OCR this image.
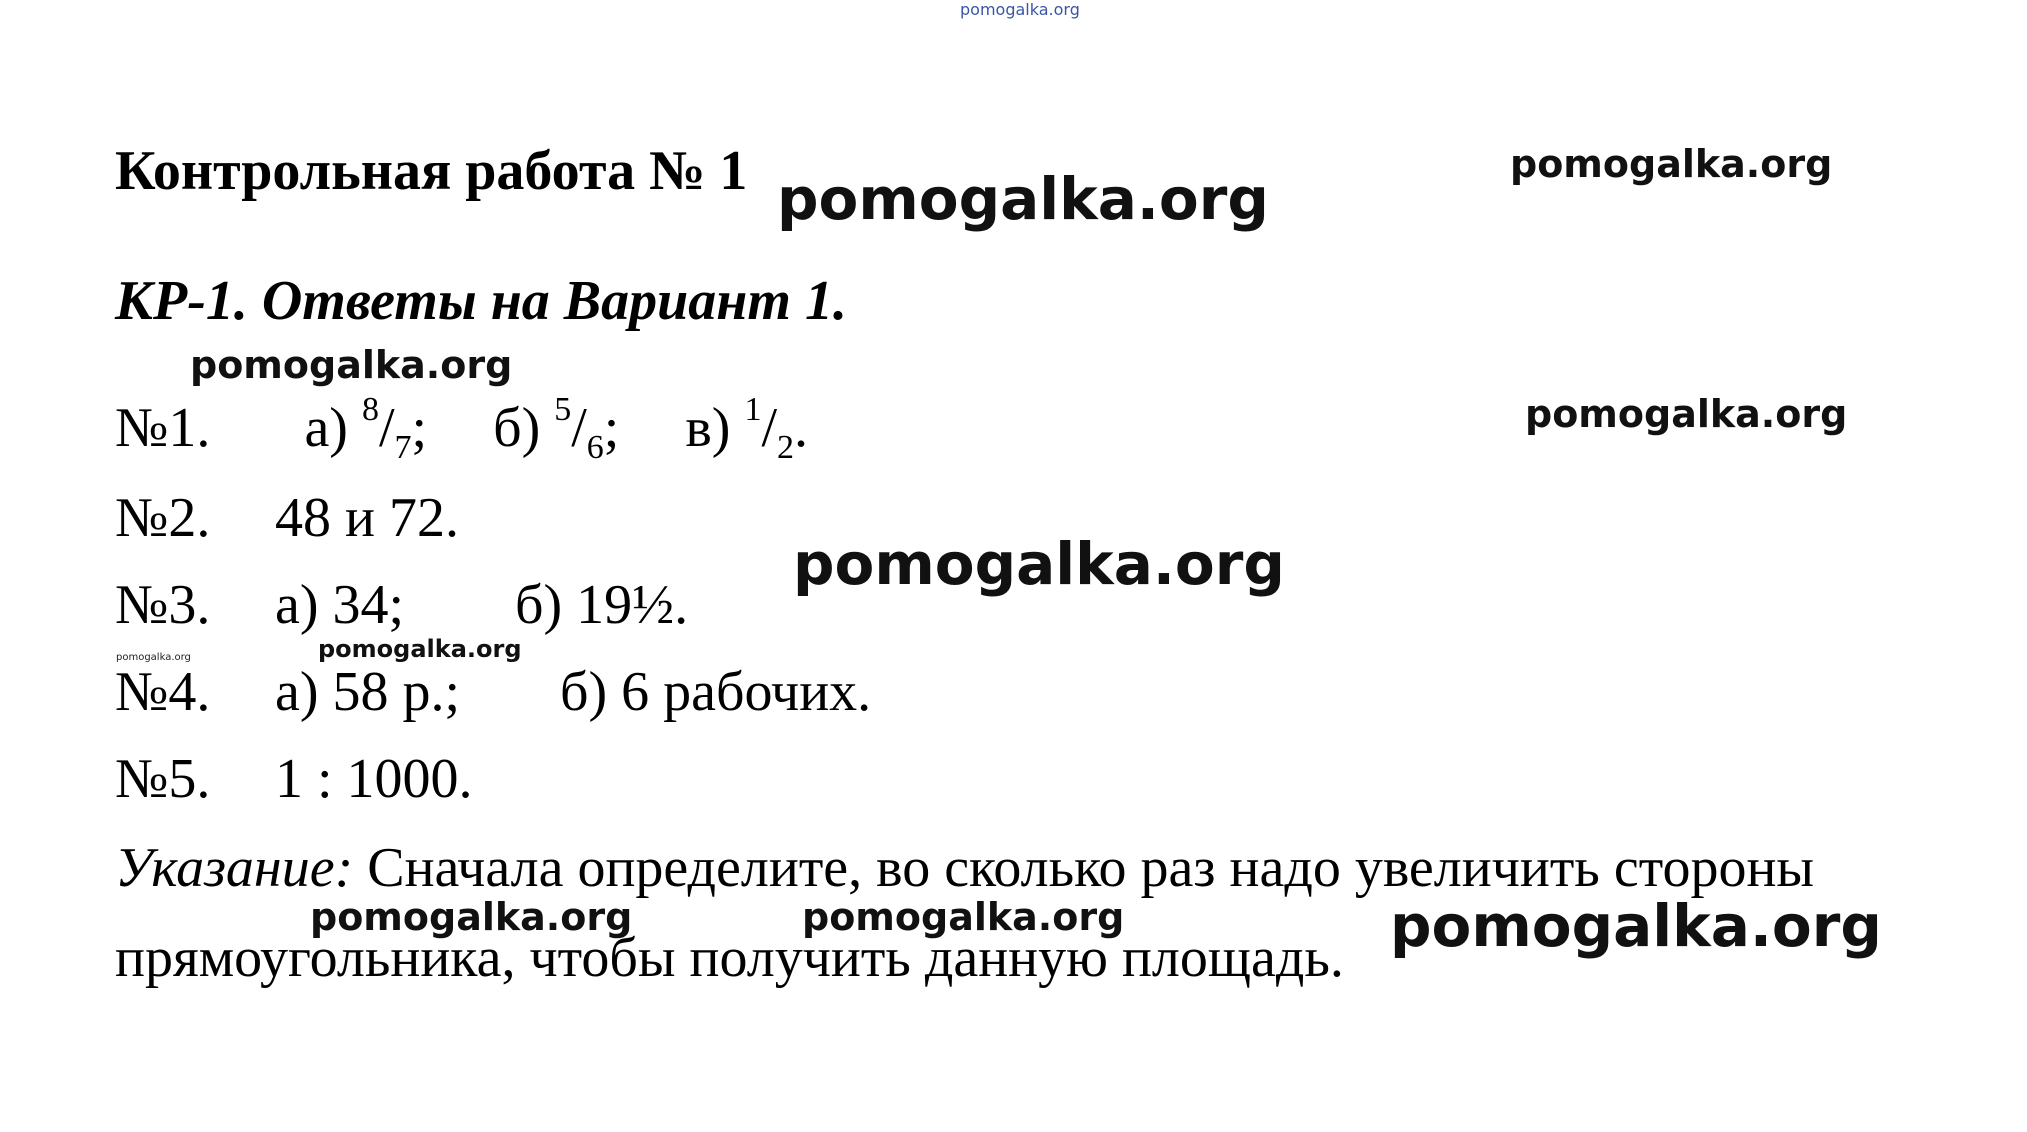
pomogalka.org
Контрольная работа № 1
КР-1. Ответы на Вариант 1.
№1. а) $^8/_7$; б) $^5/_6$; в) $^1/_2$.
№2. 48 и 72.
№3. а) 34; б) 19½.
№4. а) 58 р.; б) 6 рабочих.
№5. 1 : 1000.
Указание: Сначала определите, во сколько раз надо увеличить стороны
прямоугольника, чтобы получить данную площадь.
pomogalka.org
pomogalka.org
pomogalka.org
pomogalka.org
pomogalka.org
pomogalka.org
pomogalka.org
pomogalka.org	pomogalka.org	pomogalka.org
